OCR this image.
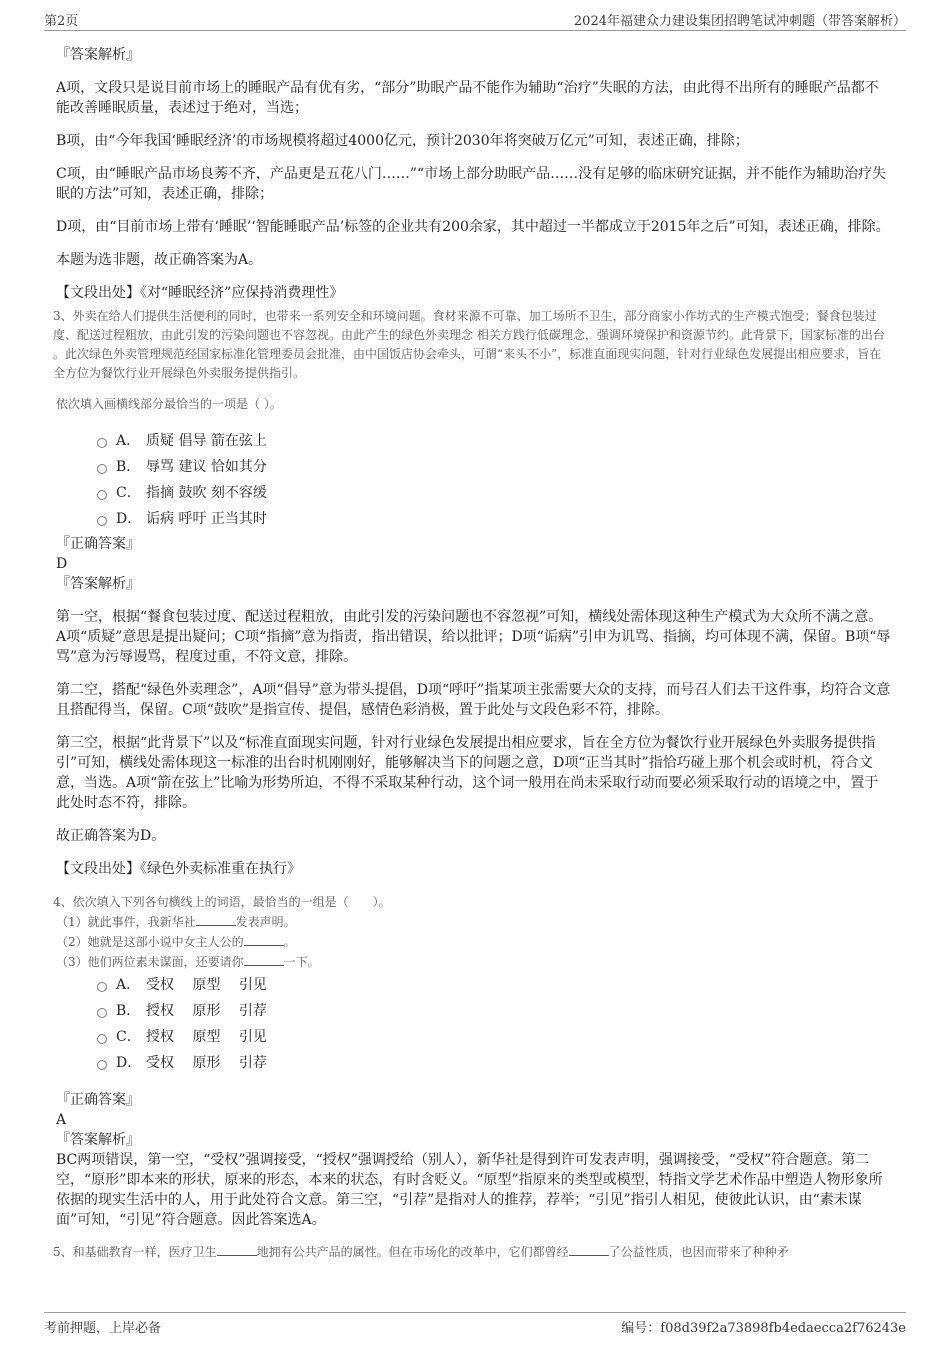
第2页	2024年福建众力建设集团招聘笔试冲刺题（带答案解析）

『答案解析』

A项，文段只是说目前市场上的睡眠产品有优有劣，“部分”助眠产品不能作为辅助“治疗”失眠的方法，由此得不出所有的睡眠产品都不能改善睡眠质量，表述过于绝对，当选；

B项，由“今年我国‘睡眠经济’的市场规模将超过4000亿元，预计2030年将突破万亿元”可知，表述正确，排除；

C项，由“睡眠产品市场良莠不齐，产品更是五花八门……”“市场上部分助眠产品……没有足够的临床研究证据，并不能作为辅助治疗失眠的方法”可知，表述正确，排除；

D项，由“目前市场上带有‘睡眠’‘智能睡眠产品’标签的企业共有200余家，其中超过一半都成立于2015年之后”可知，表述正确，排除。

本题为选非题，故正确答案为A。

【文段出处】《对“睡眠经济”应保持消费理性》

3、外卖在给人们提供生活便利的同时，也带来一系列安全和环境问题。食材来源不可靠、加工场所不卫生，部分商家小作坊式的生产模式饱受；餐食包装过度、配送过程粗放，由此引发的污染问题也不容忽视。由此产生的绿色外卖理念 相关方践行低碳理念，强调环境保护和资源节约。此背景下，国家标准的出台 。此次绿色外卖管理规范经国家标准化管理委员会批准，由中国饭店协会牵头，可谓“来头不小”，标准直面现实问题，针对行业绿色发展提出相应要求，旨在全方位为餐饮行业开展绿色外卖服务提供指引。

依次填入画横线部分最恰当的一项是（ ）。

A． 质疑 倡导 箭在弦上
B． 辱骂 建议 恰如其分
C． 指摘 鼓吹 刻不容缓
D． 诟病 呼吁 正当其时

『正确答案』

D

『答案解析』

第一空，根据“餐食包装过度、配送过程粗放，由此引发的污染问题也不容忽视”可知，横线处需体现这种生产模式为大众所不满之意。A项“质疑”意思是提出疑问；C项“指摘”意为指责，指出错误，给以批评；D项“诟病”引申为讥骂、指摘，均可体现不满，保留。B项“辱骂”意为污辱谩骂，程度过重，不符文意，排除。

第二空，搭配“绿色外卖理念”，A项“倡导”意为带头提倡，D项“呼吁”指某项主张需要大众的支持，而号召人们去干这件事，均符合文意且搭配得当，保留。C项“鼓吹”是指宣传、提倡，感情色彩消极，置于此处与文段色彩不符，排除。

第三空，根据“此背景下”以及“标准直面现实问题，针对行业绿色发展提出相应要求，旨在全方位为餐饮行业开展绿色外卖服务提供指引”可知，横线处需体现这一标准的出台时机刚刚好，能够解决当下的问题之意，D项“正当其时”指恰巧碰上那个机会或时机，符合文意，当选。A项“箭在弦上”比喻为形势所迫，不得不采取某种行动，这个词一般用在尚未采取行动而要必须采取行动的语境之中，置于此处时态不符，排除。

故正确答案为D。

【文段出处】《绿色外卖标准重在执行》

4、依次填入下列各句横线上的词语，最恰当的一组是（　　）。

（1）就此事件，我新华社	发表声明。

（2）她就是这部小说中女主人公的	。

（3）他们两位素未谋面，还要请你	一下。

A． 受权　 原型　 引见
B． 授权　 原形　 引荐
C． 授权　 原型　 引见
D． 受权　 原形　 引荐

『正确答案』

A

『答案解析』

BC两项错误，第一空，“受权”强调接受，“授权”强调授给（别人），新华社是得到许可发表声明，强调接受，“受权”符合题意。第二空，“原形”即本来的形状，原来的形态，本来的状态，有时含贬义。“原型”指原来的类型或模型，特指文学艺术作品中塑造人物形象所依据的现实生活中的人，用于此处符合文意。第三空，“引荐”是指对人的推荐，荐举；“引见”指引人相见，使彼此认识，由“素未谋面”可知，“引见”符合题意。因此答案选A。

5、和基础教育一样，医疗卫生	地拥有公共产品的属性。但在市场化的改革中，它们都曾经	了公益性质，也因而带来了种种矛

考前押题，上岸必备	编号：f08d39f2a73898fb4edaecca2f76243e
